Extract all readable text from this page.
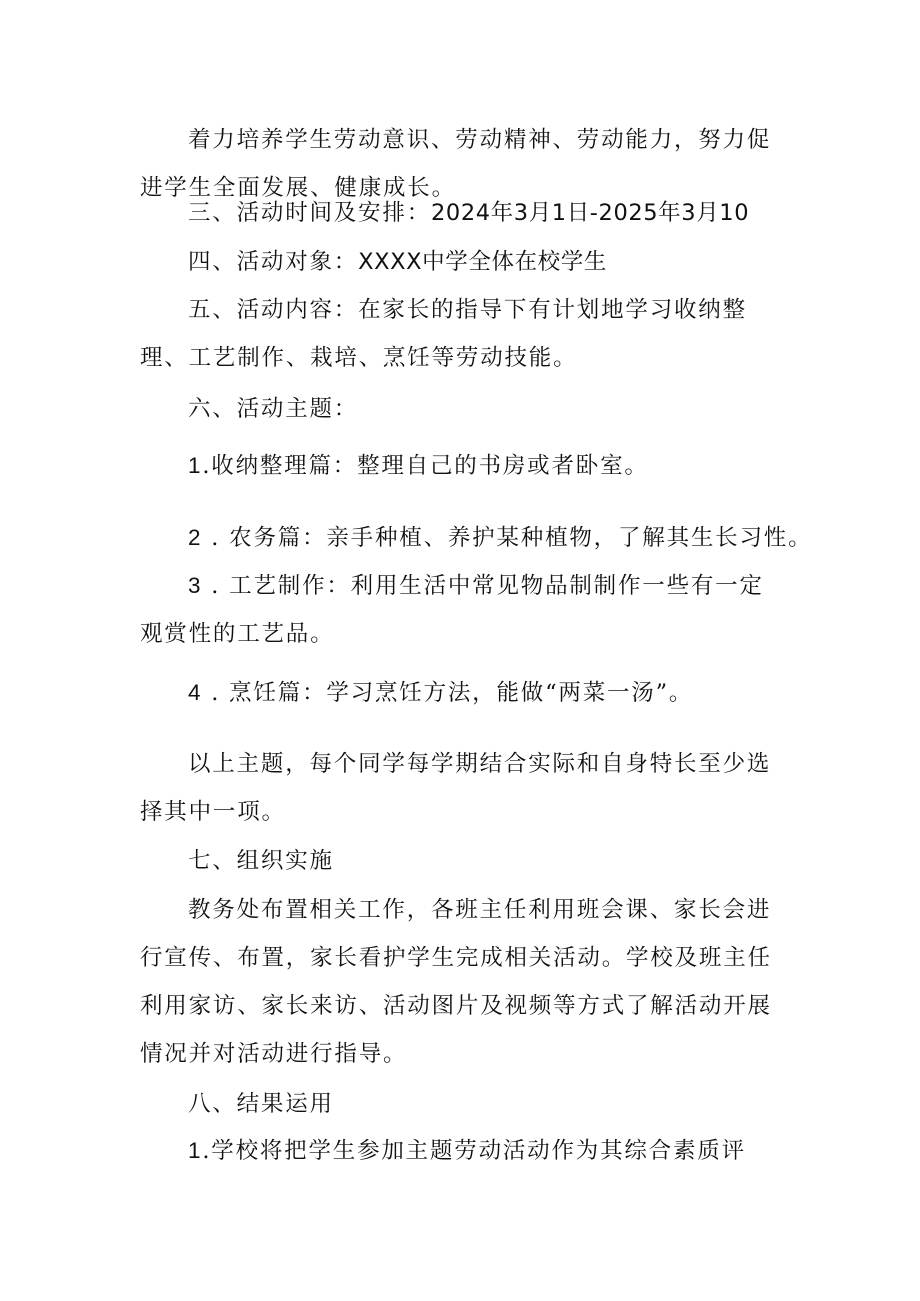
着力培养学生劳动意识、劳动精神、劳动能力，努力促进学生全面发展、健康成长。

三、活动时间及安排：2024年3月1日-2025年3月10
四、活动对象：XXXX中学全体在校学生

五、活动内容：在家长的指导下有计划地学习收纳整理、工艺制作、栽培、烹饪等劳动技能。

六、活动主题：
1.收纳整理篇：整理自己的书房或者卧室。
2 . 农务篇：亲手种植、养护某种植物，了解其生长习性。

3 . 工艺制作：利用生活中常见物品制制作一些有一定观赏性的工艺品。

4 . 烹饪篇：学习烹饪方法，能做“两菜一汤”。

以上主题，每个同学每学期结合实际和自身特长至少选择其中一项。

七、组织实施

教务处布置相关工作，各班主任利用班会课、家长会进行宣传、布置，家长看护学生完成相关活动。学校及班主任利用家访、家长来访、活动图片及视频等方式了解活动开展情况并对活动进行指导。

八、结果运用
1.学校将把学生参加主题劳动活动作为其综合素质评
